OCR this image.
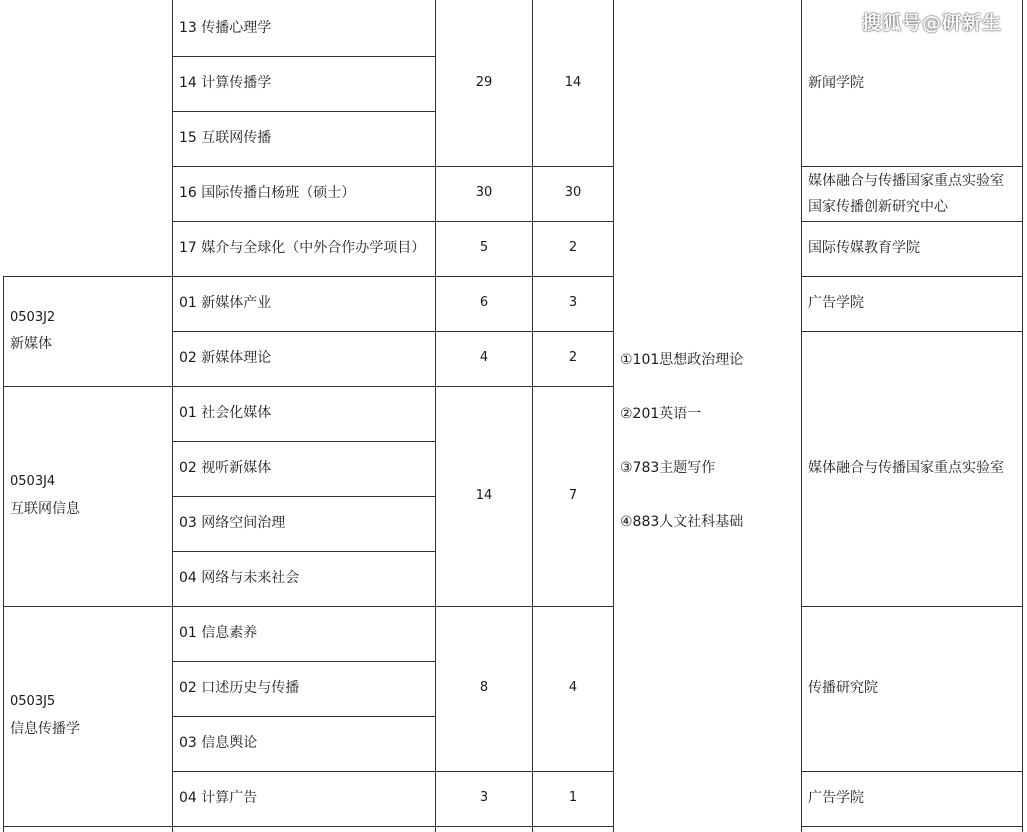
搜狐号@研新生
0503J2
新媒体
0503J4
互联网信息
0503J5
信息传播学
13 传播心理学
14 计算传播学
15 互联网传播
16 国际传播白杨班（硕士）
17 媒介与全球化（中外合作办学项目）
01 新媒体产业
02 新媒体理论
01 社会化媒体
02 视听新媒体
03 网络空间治理
04 网络与未来社会
01 信息素养
02 口述历史与传播
03 信息舆论
04 计算广告
29
30
5
6
4
14
8
3
14
30
2
3
2
7
4
1
①101思想政治理论
②201英语一
③783主题写作
④883人文社科基础
新闻学院
媒体融合与传播国家重点实验室
国家传播创新研究中心
国际传媒教育学院
广告学院
媒体融合与传播国家重点实验室
传播研究院
广告学院
